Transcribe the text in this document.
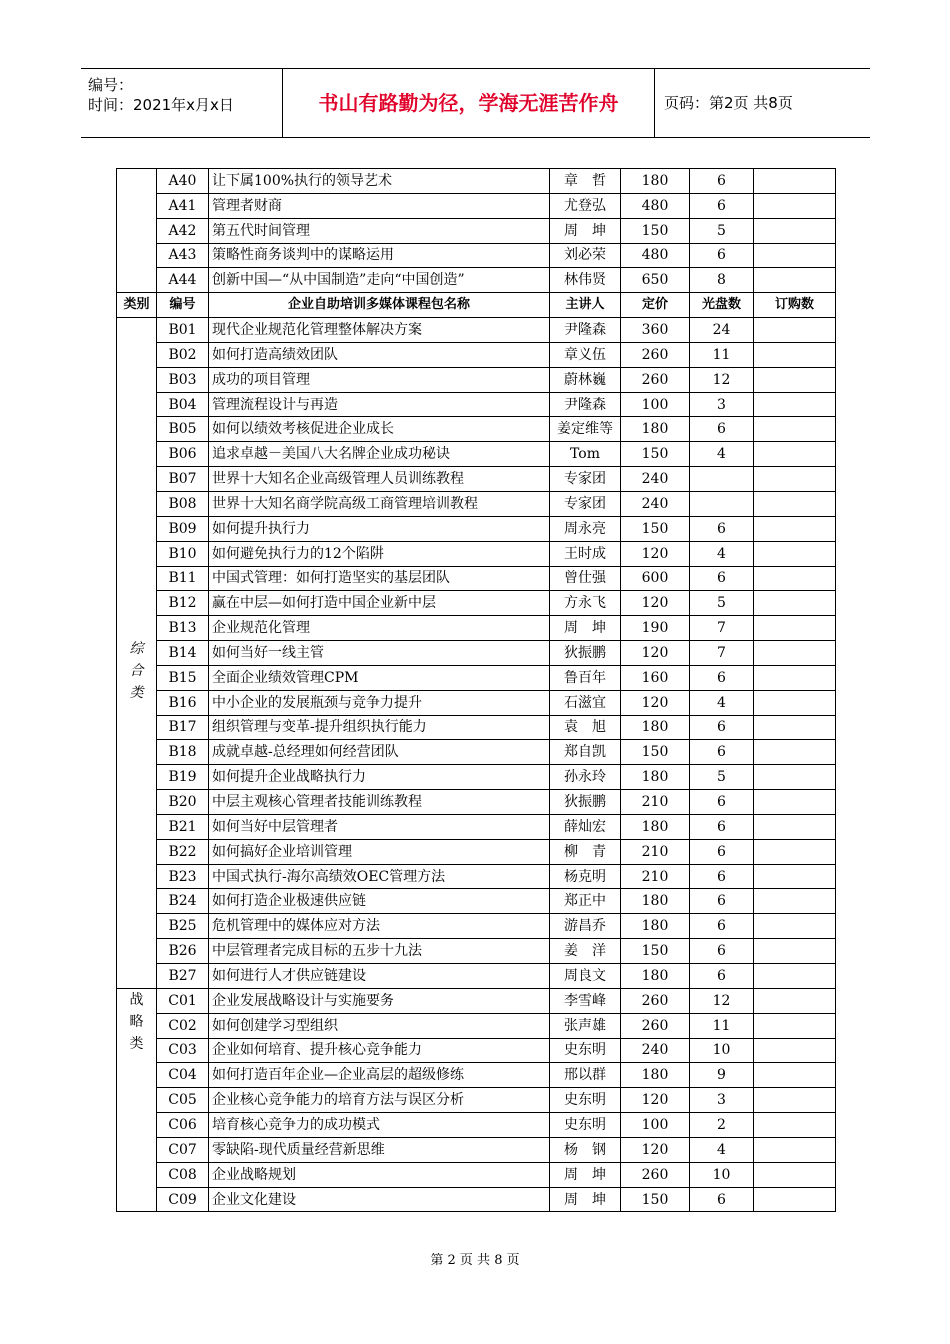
编号：
时间：2021年x月x日	书山有路勤为径，学海无涯苦作舟	页码：第2页 共8页
	A40	让下属100%执行的领导艺术	章　哲	180	6	
	A41	管理者财商	尤登弘	480	6	
	A42	第五代时间管理	周　坤	150	5	
	A43	策略性商务谈判中的谋略运用	刘必荣	480	6	
	A44	创新中国—“从中国制造”走向“中国创造”	林伟贤	650	8	
类别	编号	企业自助培训多媒体课程包名称	主讲人	定价	光盘数	订购数

综
合
类	B01	现代企业规范化管理整体解决方案	尹隆森	360	24	
	B02	如何打造高绩效团队	章义伍	260	11	
	B03	成功的项目管理	蔚林巍	260	12	
	B04	管理流程设计与再造	尹隆森	100	3	
	B05	如何以绩效考核促进企业成长	姜定维等	180	6	
	B06	追求卓越－美国八大名牌企业成功秘诀	Tom	150	4	
	B07	世界十大知名企业高级管理人员训练教程	专家团	240		
	B08	世界十大知名商学院高级工商管理培训教程	专家团	240		
	B09	如何提升执行力	周永亮	150	6	
	B10	如何避免执行力的12个陷阱	王时成	120	4	
	B11	中国式管理：如何打造坚实的基层团队	曾仕强	600	6	
	B12	赢在中层—如何打造中国企业新中层	方永飞	120	5	
	B13	企业规范化管理	周　坤	190	7	
	B14	如何当好一线主管	狄振鹏	120	7	
	B15	全面企业绩效管理CPM	鲁百年	160	6	
	B16	中小企业的发展瓶颈与竞争力提升	石滋宜	120	4	
	B17	组织管理与变革-提升组织执行能力	袁　旭	180	6	
	B18	成就卓越-总经理如何经营团队	郑自凯	150	6	
	B19	如何提升企业战略执行力	孙永玲	180	5	
	B20	中层主观核心管理者技能训练教程	狄振鹏	210	6	
	B21	如何当好中层管理者	薛灿宏	180	6	
	B22	如何搞好企业培训管理	柳　青	210	6	
	B23	中国式执行-海尔高绩效OEC管理方法	杨克明	210	6	
	B24	如何打造企业极速供应链	郑正中	180	6	
	B25	危机管理中的媒体应对方法	游昌乔	180	6	
	B26	中层管理者完成目标的五步十九法	姜　洋	150	6	
	B27	如何进行人才供应链建设	周良文	180	6	

战
略
类	C01	企业发展战略设计与实施要务	李雪峰	260	12	
	C02	如何创建学习型组织	张声雄	260	11	
	C03	企业如何培育、提升核心竞争能力	史东明	240	10	
	C04	如何打造百年企业—企业高层的超级修练	邢以群	180	9	
	C05	企业核心竞争能力的培育方法与误区分析	史东明	120	3	
	C06	培育核心竞争力的成功模式	史东明	100	2	
	C07	零缺陷-现代质量经营新思维	杨　钢	120	4	
	C08	企业战略规划	周　坤	260	10	
	C09	企业文化建设	周　坤	150	6	
第 2 页 共 8 页
